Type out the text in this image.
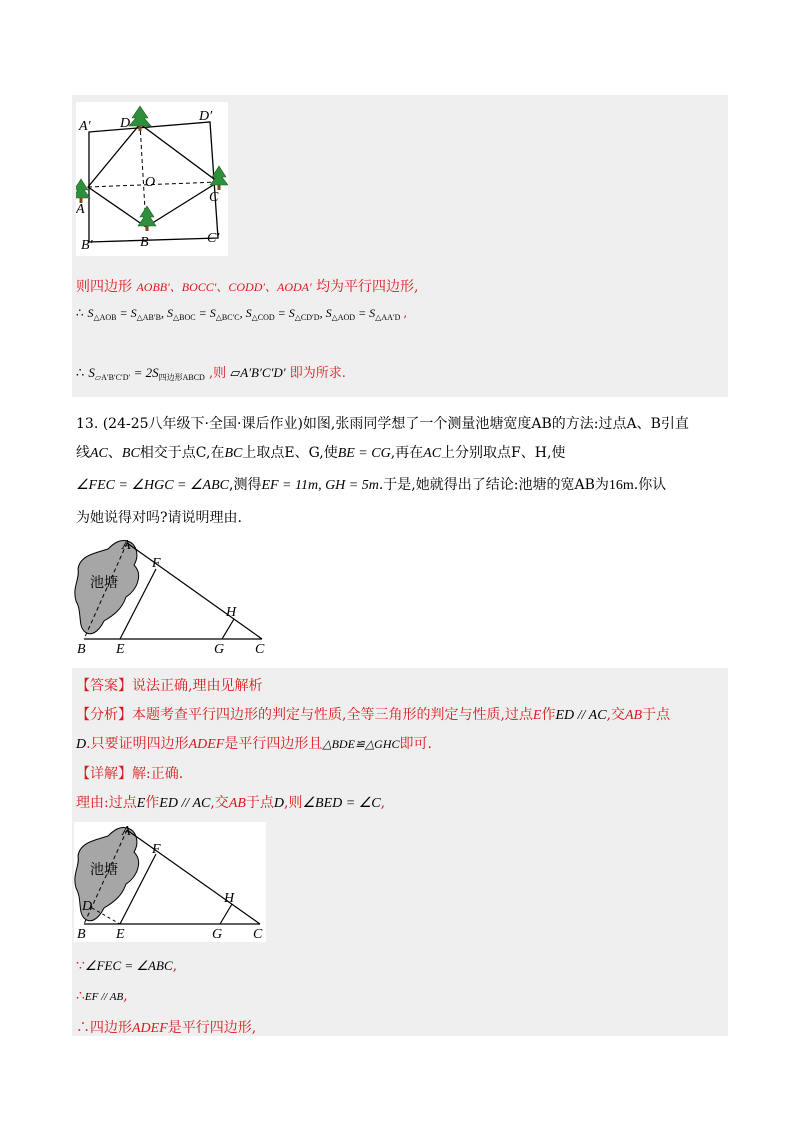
A′ D	D′
O
A
C
B′	B	C′
则四边形 AOBB′、BOCC′、CODD′、AODA′ 均为平行四边形,
∴ $S_{\triangle AOB} = S_{\triangle AB'B}$, $S_{\triangle BOC} = S_{\triangle BC'C}$, $S_{\triangle COD} = S_{\triangle CD'D}$, $S_{\triangle AOD} = S_{\triangle AA'D}$ ,
∴ $S_{▱A'B'C'D'} = 2S_{四边形ABCD}$ ,则 ▱A′B′C′D′ 即为所求.
13. (24-25八年级下·全国·课后作业)如图,张雨同学想了一个测量池塘宽度AB的方法:过点A、B引直
线AC、BC相交于点C,在BC上取点E、G,使BE = CG,再在AC上分别取点F、H,使
∠FEC = ∠HGC = ∠ABC,测得EF = 11m, GH = 5m.于是,她就得出了结论:池塘的宽AB为16m.你认
为她说得对吗?请说明理由.
池塘
A
F
H
B E	G C
【答案】说法正确,理由见解析
【分析】本题考查平行四边形的判定与性质,全等三角形的判定与性质,过点E作ED // AC,交AB于点
D.只要证明四边形ADEF是平行四边形且△BDE≌△GHC即可.
【详解】解:正确.
理由:过点E作ED // AC,交AB于点D,则∠BED = ∠C,
池塘
A
F
H
D
B E	G C
∵∠FEC = ∠ABC,
∴EF // AB,
∴四边形ADEF是平行四边形,
